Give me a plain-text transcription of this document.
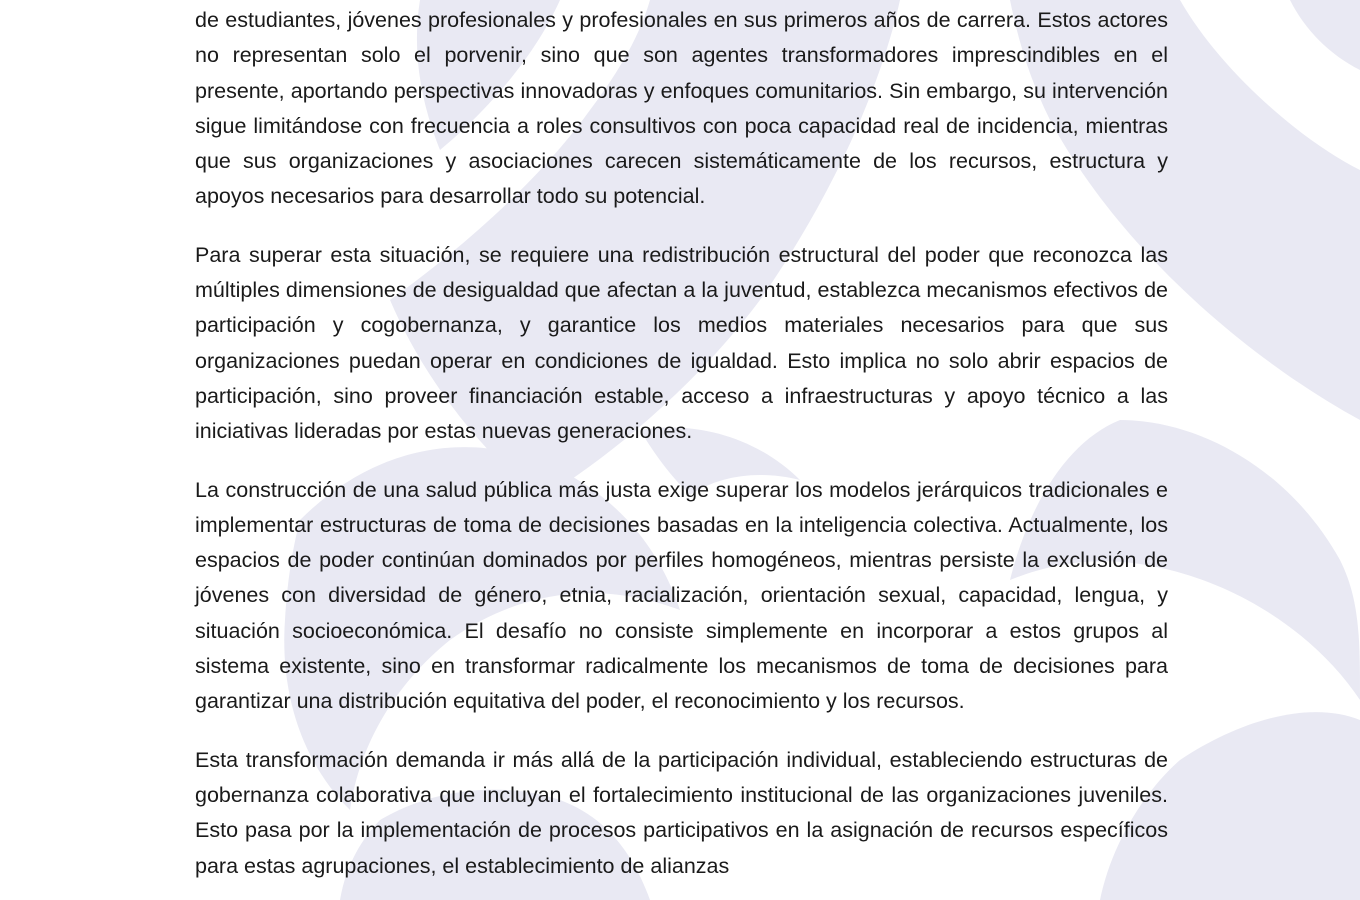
de estudiantes, jóvenes profesionales y profesionales en sus primeros años de carrera. Estos actores no representan solo el porvenir, sino que son agentes transformadores imprescindibles en el presente, aportando perspectivas innovadoras y enfoques comunitarios. Sin embargo, su intervención sigue limitándose con frecuencia a roles consultivos con poca capacidad real de incidencia, mientras que sus organizaciones y asociaciones carecen sistemáticamente de los recursos, estructura y apoyos necesarios para desarrollar todo su potencial.

Para superar esta situación, se requiere una redistribución estructural del poder que reconozca las múltiples dimensiones de desigualdad que afectan a la juventud, establezca mecanismos efectivos de participación y cogobernanza, y garantice los medios materiales necesarios para que sus organizaciones puedan operar en condiciones de igualdad. Esto implica no solo abrir espacios de participación, sino proveer financiación estable, acceso a infraestructuras y apoyo técnico a las iniciativas lideradas por estas nuevas generaciones.

La construcción de una salud pública más justa exige superar los modelos jerárquicos tradicionales e implementar estructuras de toma de decisiones basadas en la inteligencia colectiva. Actualmente, los espacios de poder continúan dominados por perfiles homogéneos, mientras persiste la exclusión de jóvenes con diversidad de género, etnia, racialización, orientación sexual, capacidad, lengua, y situación socioeconómica. El desafío no consiste simplemente en incorporar a estos grupos al sistema existente, sino en transformar radicalmente los mecanismos de toma de decisiones para garantizar una distribución equitativa del poder, el reconocimiento y los recursos.

Esta transformación demanda ir más allá de la participación individual, estableciendo estructuras de gobernanza colaborativa que incluyan el fortalecimiento institucional de las organizaciones juveniles. Esto pasa por la implementación de procesos participativos en la asignación de recursos específicos para estas agrupaciones, el establecimiento de alianzas
